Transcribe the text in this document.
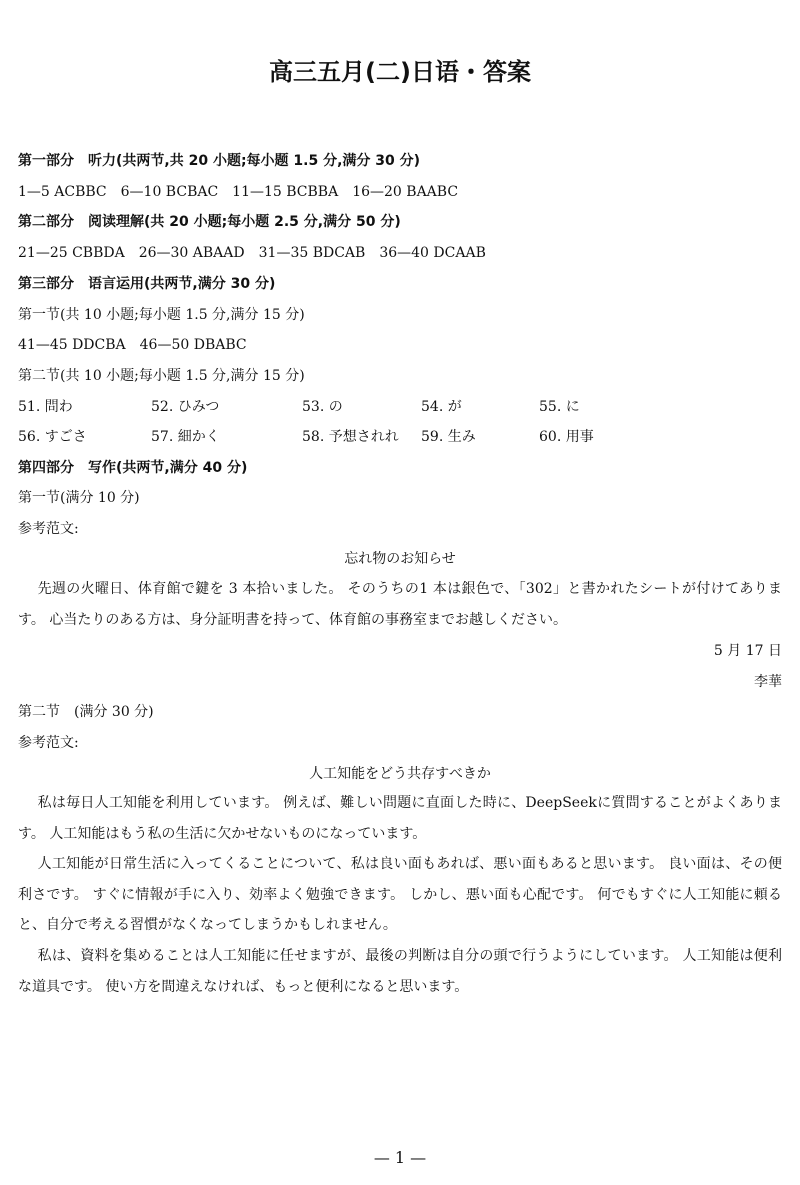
高三五月(二)日语・答案
第一部分　听力(共两节,共 20 小题;每小题 1.5 分,满分 30 分)
1—5 ACBBC　6—10 BCBAC　11—15 BCBBA　16—20 BAABC
第二部分　阅读理解(共 20 小题;每小题 2.5 分,满分 50 分)
21—25 CBBDA　26—30 ABAAD　31—35 BDCAB　36—40 DCAAB
第三部分　语言运用(共两节,满分 30 分)
第一节(共 10 小题;每小题 1.5 分,满分 15 分)
41—45 DDCBA　46—50 DBABC
第二节(共 10 小题;每小题 1.5 分,满分 15 分)
51. 問わ	52. ひみつ	53. の	54. が	55. に
56. すごさ	57. 細かく	58. 予想されれ 59. 生み	60. 用事
第四部分　写作(共两节,满分 40 分)
第一节(满分 10 分)
参考范文:
忘れ物のお知らせ
先週の火曜日、体育館で鍵を 3 本拾いました。 そのうちの1 本は銀色で、「302」と書かれたシートが付けてあります。 心当たりのある方は、身分証明書を持って、体育館の事務室までお越しください。
5 月 17 日
李華
第二节　(满分 30 分)
参考范文:
人工知能をどう共存すべきか
私は毎日人工知能を利用しています。 例えば、難しい問題に直面した時に、DeepSeekに質問することがよくあります。 人工知能はもう私の生活に欠かせないものになっています。
人工知能が日常生活に入ってくることについて、私は良い面もあれば、悪い面もあると思います。 良い面は、その便利さです。 すぐに情報が手に入り、効率よく勉強できます。 しかし、悪い面も心配です。 何でもすぐに人工知能に頼ると、自分で考える習慣がなくなってしまうかもしれません。
私は、資料を集めることは人工知能に任せますが、最後の判断は自分の頭で行うようにしています。 人工知能は便利な道具です。 使い方を間違えなければ、もっと便利になると思います。
— 1 —
